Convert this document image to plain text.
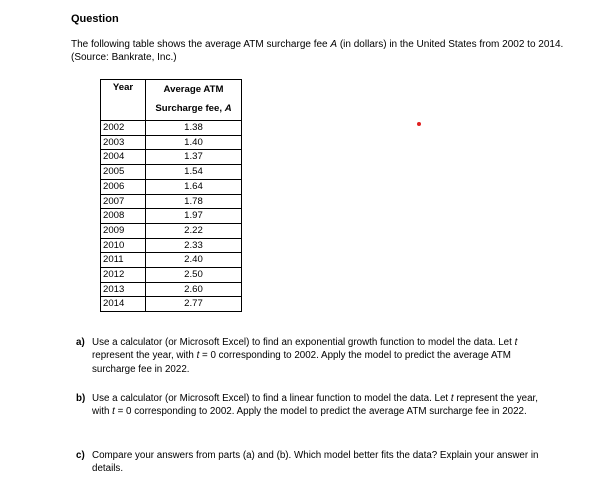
Question
The following table shows the average ATM surcharge fee A (in dollars) in the United States from 2002 to 2014. (Source: Bankrate, Inc.)
Year	Average ATM
Surcharge fee, A
2002	1.38
2003	1.40
2004	1.37
2005	1.54
2006	1.64
2007	1.78
2008	1.97
2009	2.22
2010	2.33
2011	2.40
2012	2.50
2013	2.60
2014	2.77
a) Use a calculator (or Microsoft Excel) to find an exponential growth function to model the data. Let t represent the year, with t = 0 corresponding to 2002. Apply the model to predict the average ATM surcharge fee in 2022.
b) Use a calculator (or Microsoft Excel) to find a linear function to model the data. Let t represent the year, with t = 0 corresponding to 2002. Apply the model to predict the average ATM surcharge fee in 2022.
c) Compare your answers from parts (a) and (b). Which model better fits the data? Explain your answer in details.
